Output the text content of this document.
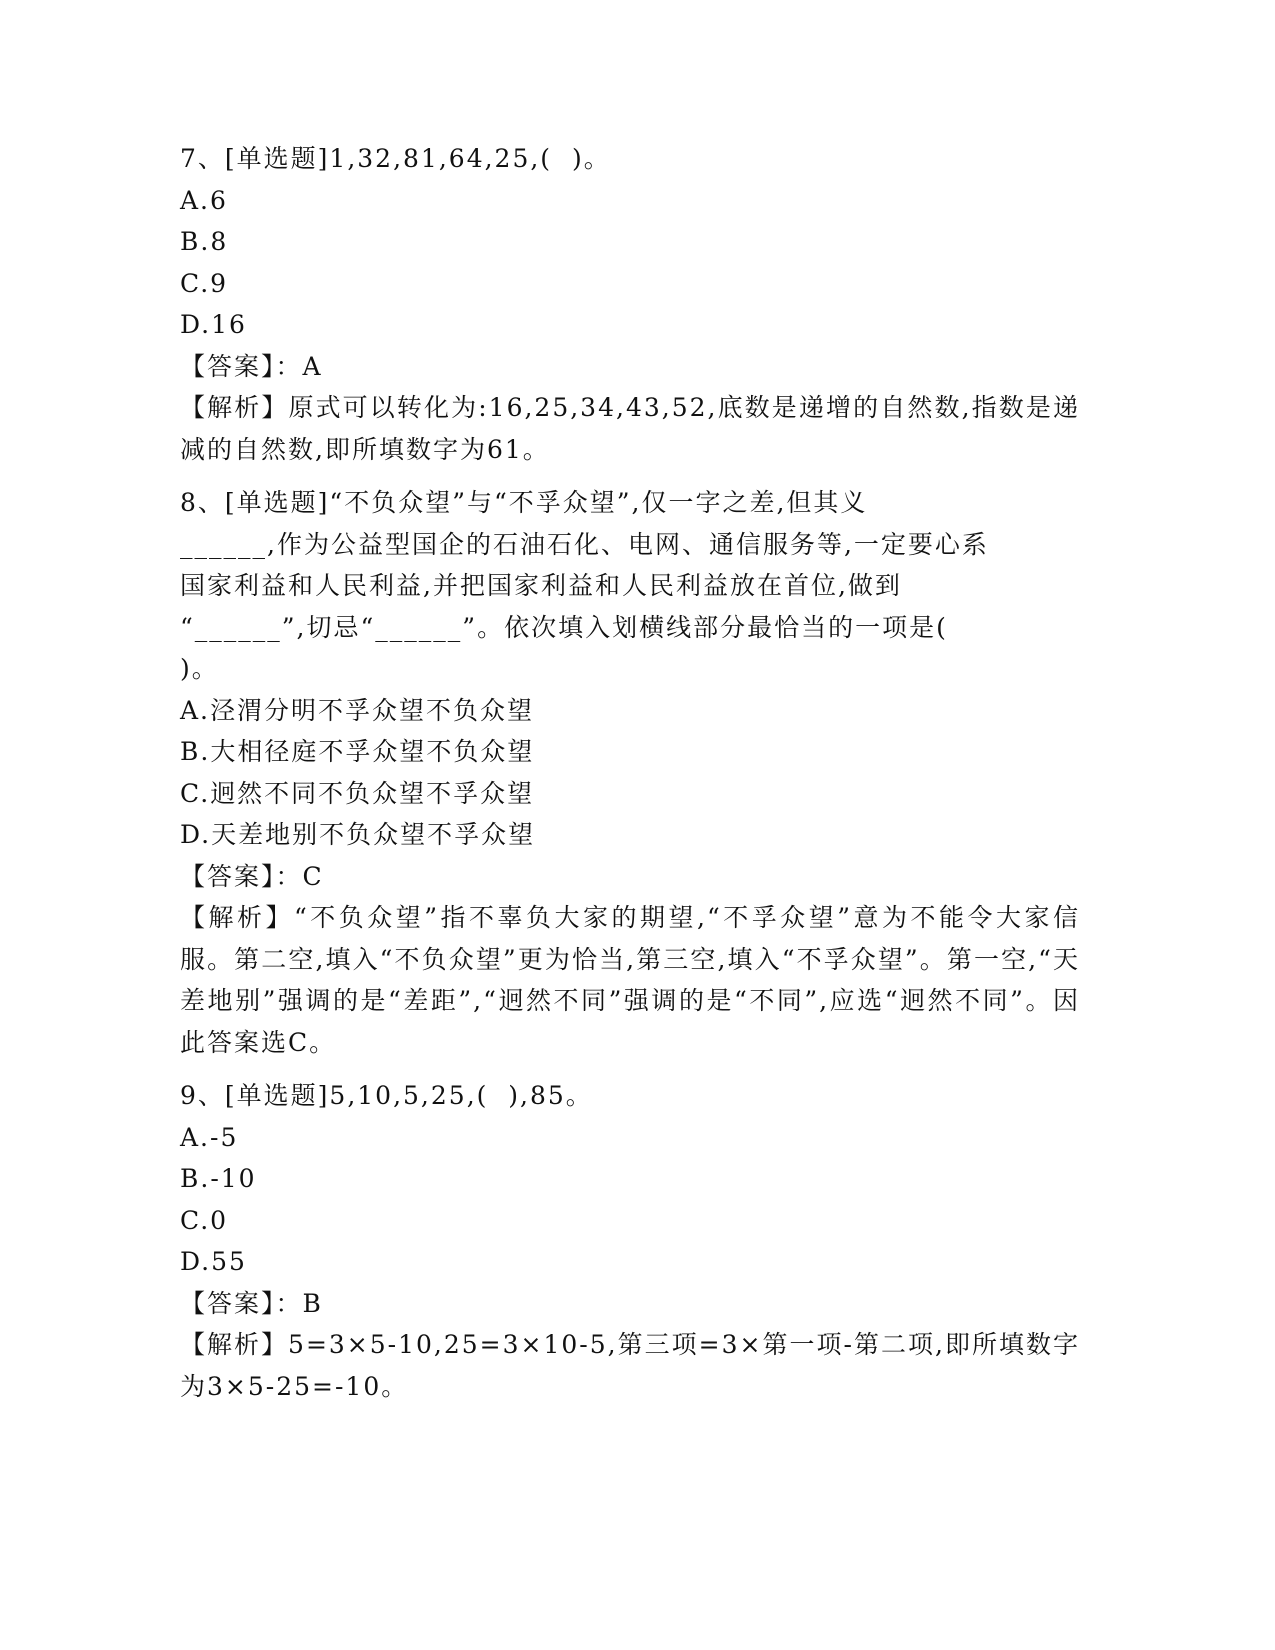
7、[单选题]1,32,81,64,25,(  )。
A.6
B.8
C.9
D.16
【答案】：A
【解析】原式可以转化为:16,25,34,43,52,底数是递增的自然数,指数是递减的自然数,即所填数字为61。
8、[单选题]“不负众望”与“不孚众望”,仅一字之差,但其义
______,作为公益型国企的石油石化、电网、通信服务等,一定要心系
国家利益和人民利益,并把国家利益和人民利益放在首位,做到
“______”,切忌“______”。依次填入划横线部分最恰当的一项是(
)。
A.泾渭分明不孚众望不负众望
B.大相径庭不孚众望不负众望
C.迥然不同不负众望不孚众望
D.天差地别不负众望不孚众望
【答案】：C
【解析】“不负众望”指不辜负大家的期望,“不孚众望”意为不能令大家信服。第二空,填入“不负众望”更为恰当,第三空,填入“不孚众望”。第一空,“天差地别”强调的是“差距”,“迥然不同”强调的是“不同”,应选“迥然不同”。因此答案选C。
9、[单选题]5,10,5,25,(  ),85。
A.-5
B.-10
C.0
D.55
【答案】：B
【解析】5=3×5-10,25=3×10-5,第三项=3×第一项-第二项,即所填数字为3×5-25=-10。
